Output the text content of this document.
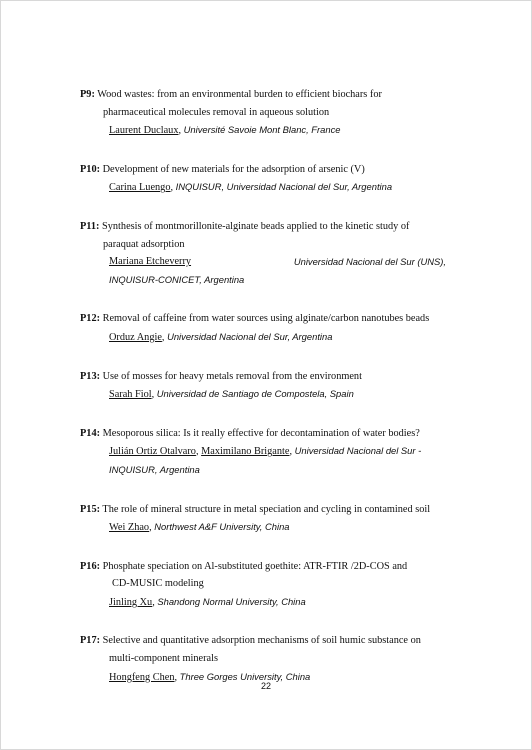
P9: Wood wastes: from an environmental burden to efficient biochars for
pharmaceutical molecules removal in aqueous solution
Laurent Duclaux, Université Savoie Mont Blanc, France
P10: Development of new materials for the adsorption of arsenic (V)
Carina Luengo, INQUISUR, Universidad Nacional del Sur, Argentina
P11: Synthesis of montmorillonite-alginate beads applied to the kinetic study of
paraquat adsorption
Mariana Etcheverry	Universidad Nacional del Sur (UNS),
INQUISUR-CONICET, Argentina
P12: Removal of caffeine from water sources using alginate/carbon nanotubes beads
Orduz Angie, Universidad Nacional del Sur, Argentina
P13: Use of mosses for heavy metals removal from the environment
Sarah Fiol, Universidad de Santiago de Compostela, Spain
P14: Mesoporous silica: Is it really effective for decontamination of water bodies?
Julián Ortiz Otalvaro, Maximilano Brigante, Universidad Nacional del Sur -
INQUISUR, Argentina
P15: The role of mineral structure in metal speciation and cycling in contamined soil
Wei Zhao, Northwest A&F University, China
P16: Phosphate speciation on Al-substituted goethite: ATR-FTIR /2D-COS and
CD-MUSIC modeling
Jinling Xu, Shandong Normal University, China
P17: Selective and quantitative adsorption mechanisms of soil humic substance on
multi-component minerals
Hongfeng Chen, Three Gorges University, China
22
